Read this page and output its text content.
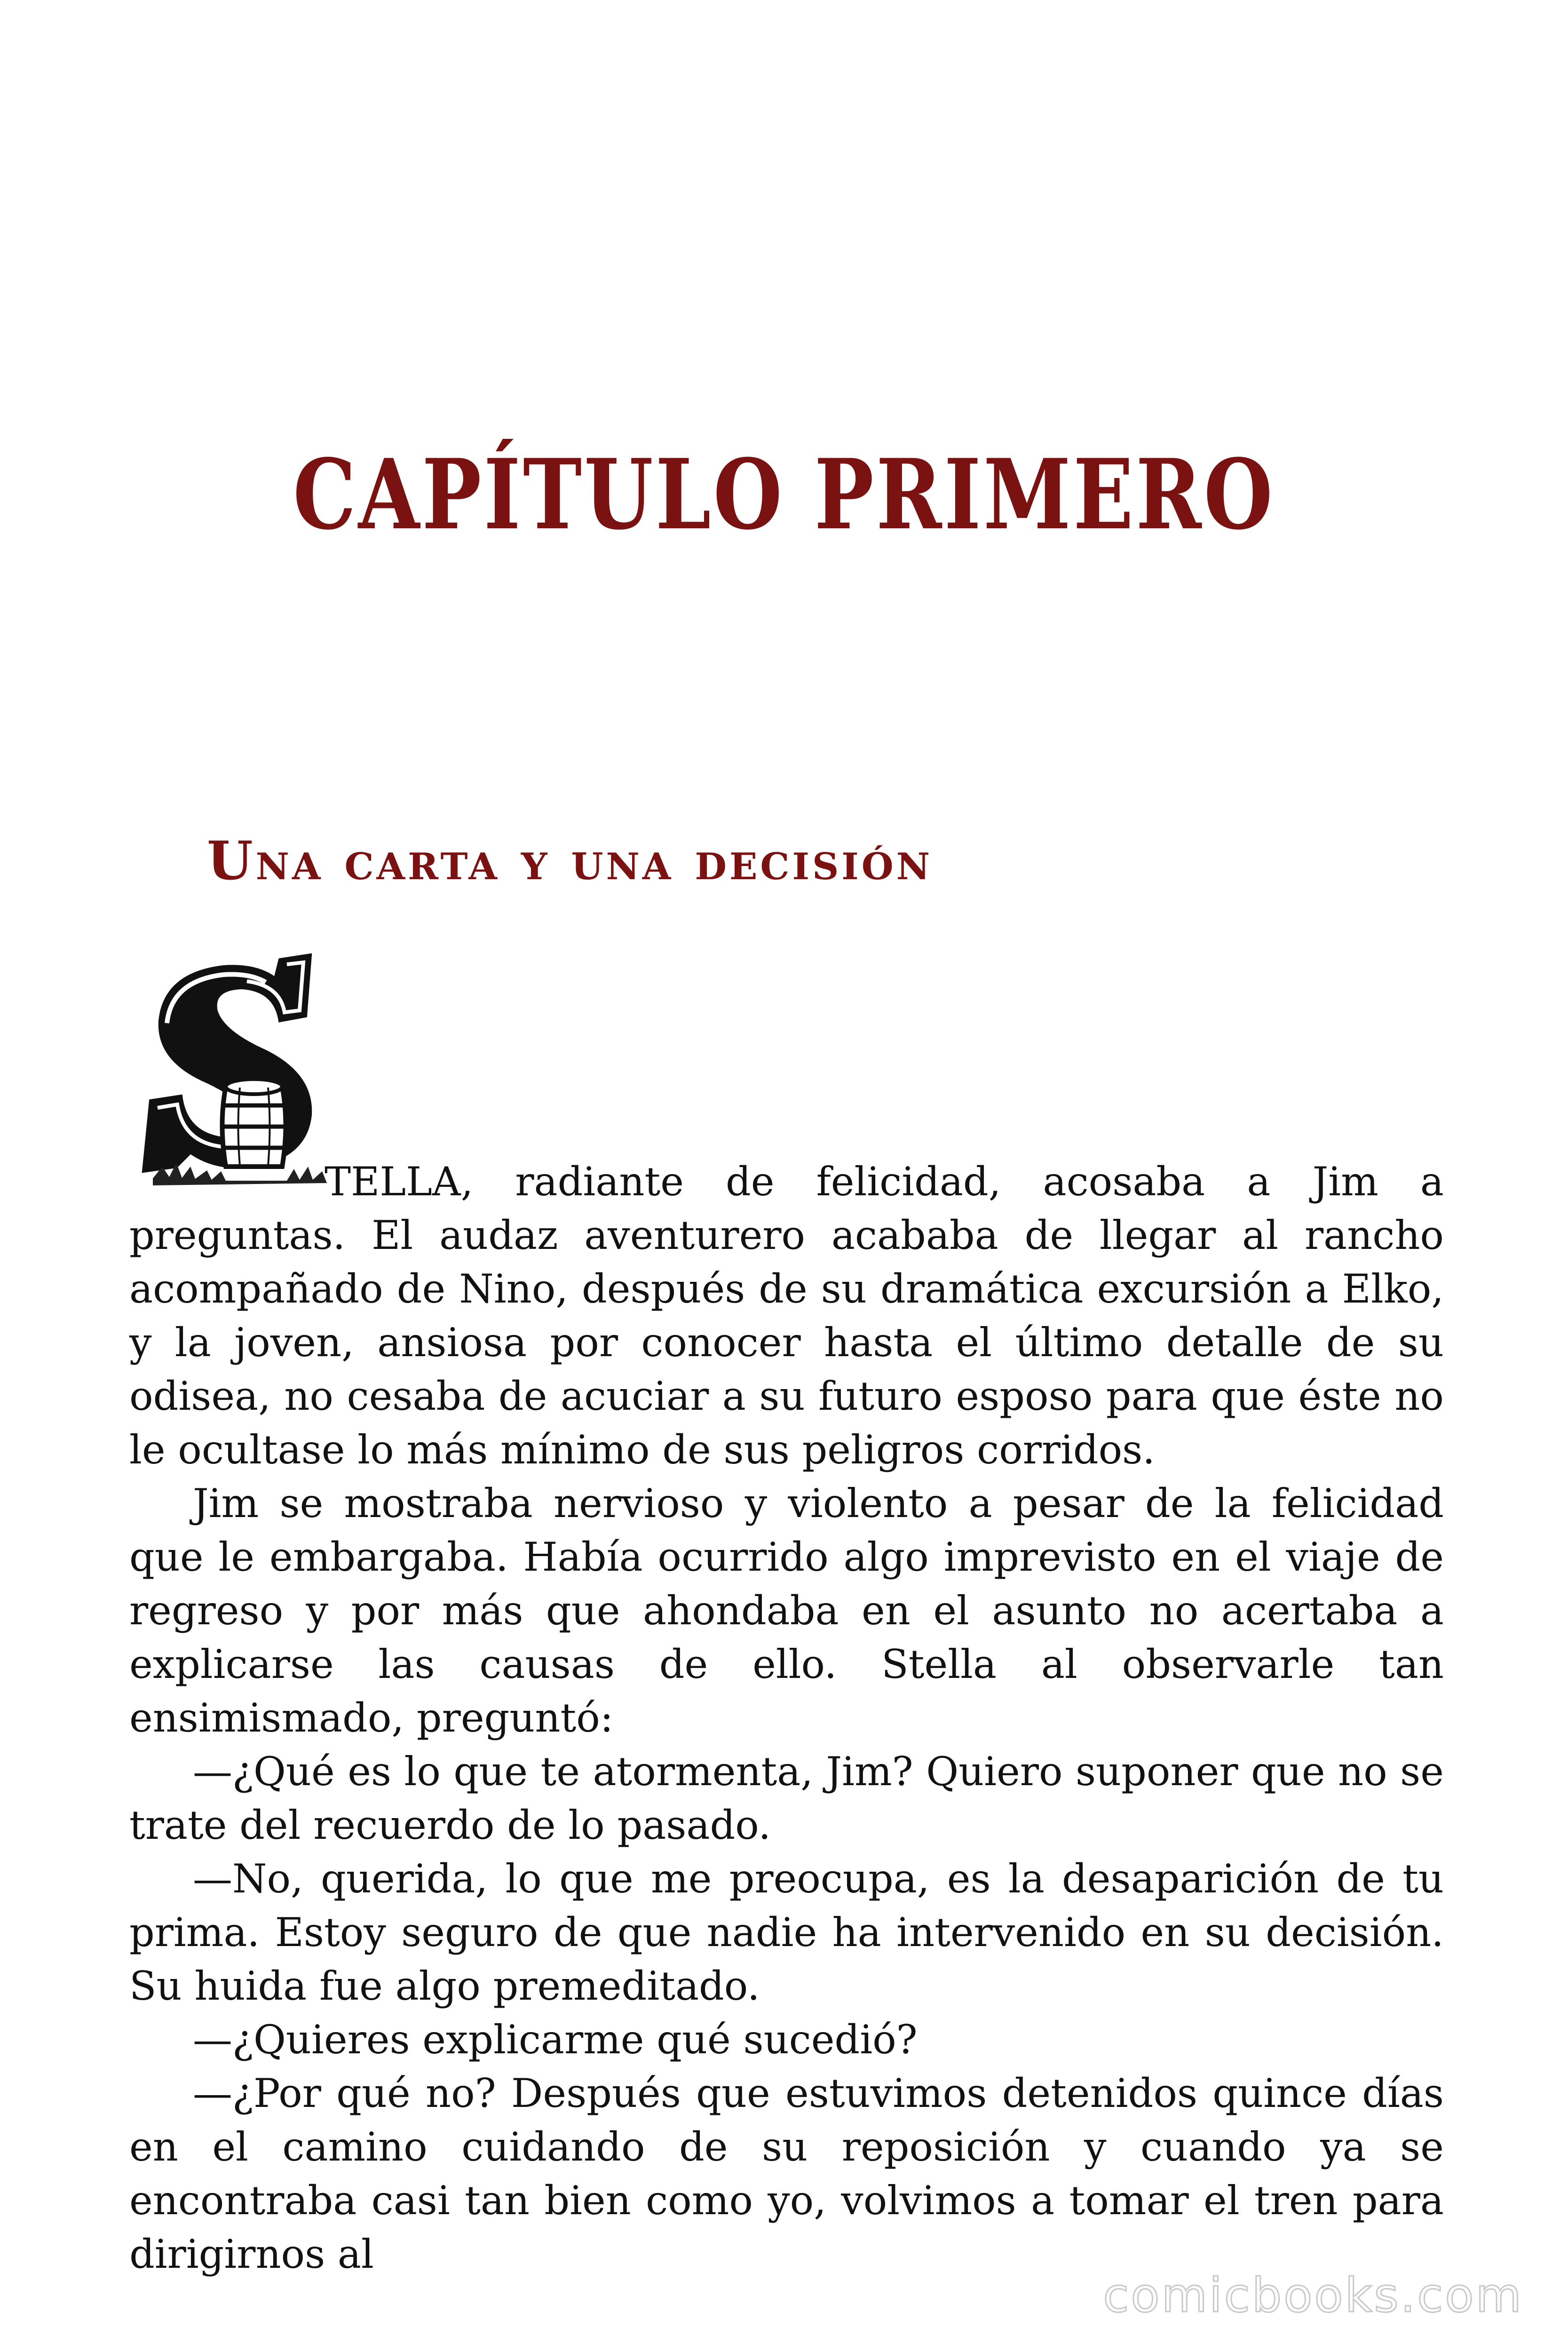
CAPÍTULO PRIMERO
Una carta y una decisión

TELLA, radiante de felicidad, acosaba a Jim a preguntas. El audaz aventurero acababa de llegar al rancho acompañado de Nino, después de su dramática excursión a Elko, y la joven, ansiosa por conocer hasta el último detalle de su odisea, no cesaba de acuciar a su futuro esposo para que éste no le ocultase lo más mínimo de sus peligros corridos.

Jim se mostraba nervioso y violento a pesar de la felicidad que le embargaba. Había ocurrido algo imprevisto en el viaje de regreso y por más que ahondaba en el asunto no acertaba a explicarse las causas de ello. Stella al observarle tan ensimismado, preguntó:

—¿Qué es lo que te atormenta, Jim? Quiero suponer que no se trate del recuerdo de lo pasado.

—No, querida, lo que me preocupa, es la desaparición de tu prima. Estoy seguro de que nadie ha intervenido en su decisión. Su huida fue algo premeditado.

—¿Quieres explicarme qué sucedió?

—¿Por qué no? Después que estuvimos detenidos quince días en el camino cuidando de su reposición y cuando ya se encontraba casi tan bien como yo, volvimos a tomar el tren para dirigirnos al

comicbooks.com
